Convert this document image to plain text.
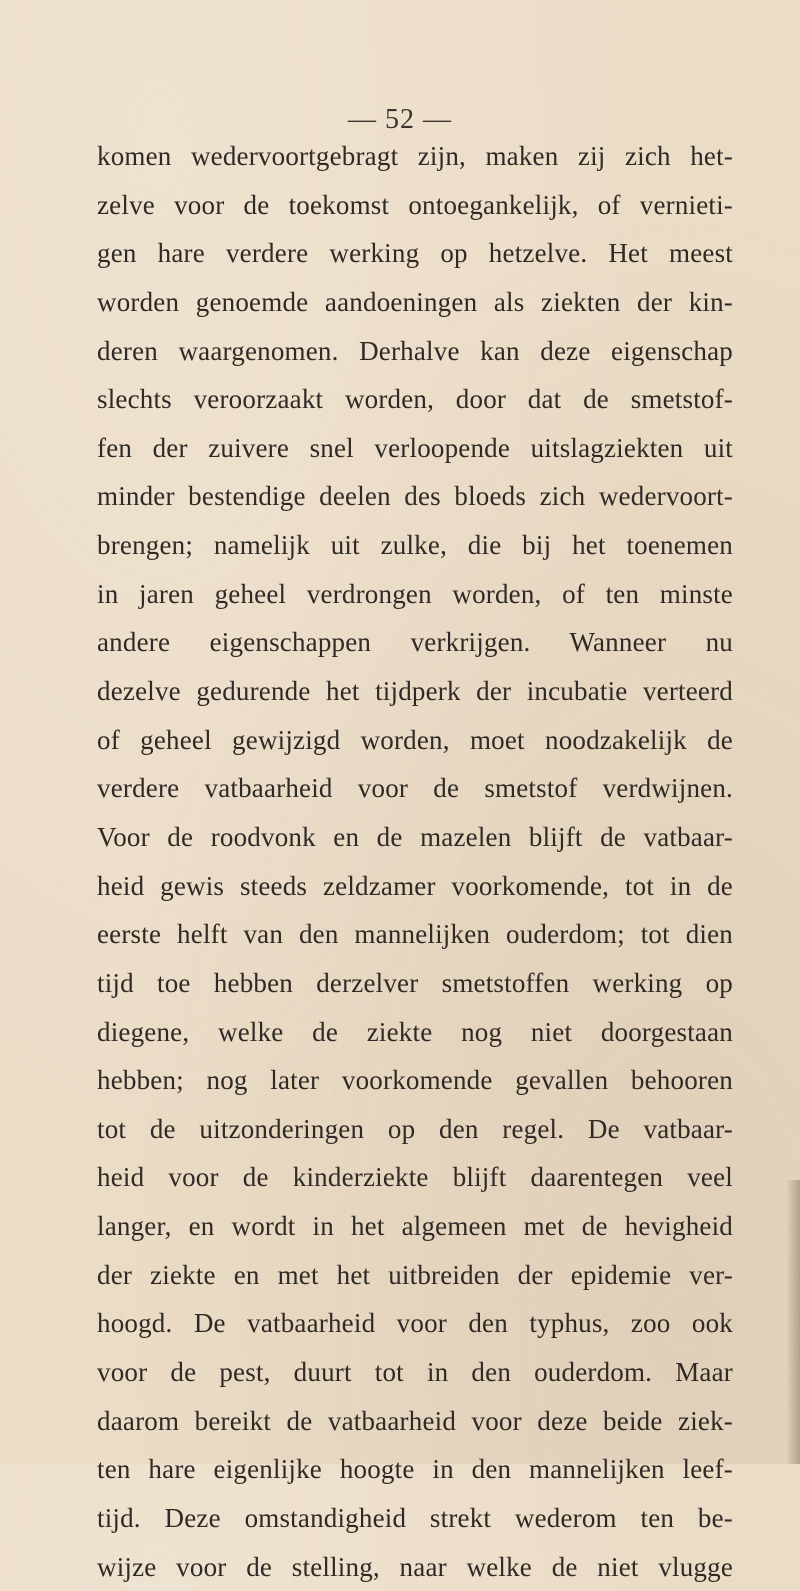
— 52 —
komen wedervoortgebragt zijn, maken zij zich het-
zelve voor de toekomst ontoegankelijk, of vernieti-
gen hare verdere werking op hetzelve. Het meest
worden genoemde aandoeningen als ziekten der kin-
deren waargenomen. Derhalve kan deze eigenschap
slechts veroorzaakt worden, door dat de smetstof-
fen der zuivere snel verloopende uitslagziekten uit
minder bestendige deelen des bloeds zich wedervoort-
brengen; namelijk uit zulke, die bij het toenemen
in jaren geheel verdrongen worden, of ten minste
andere eigenschappen verkrijgen. Wanneer nu
dezelve gedurende het tijdperk der incubatie verteerd
of geheel gewijzigd worden, moet noodzakelijk de
verdere vatbaarheid voor de smetstof verdwijnen.
Voor de roodvonk en de mazelen blijft de vatbaar-
heid gewis steeds zeldzamer voorkomende, tot in de
eerste helft van den mannelijken ouderdom; tot dien
tijd toe hebben derzelver smetstoffen werking op
diegene, welke de ziekte nog niet doorgestaan
hebben; nog later voorkomende gevallen behooren
tot de uitzonderingen op den regel. De vatbaar-
heid voor de kinderziekte blijft daarentegen veel
langer, en wordt in het algemeen met de hevigheid
der ziekte en met het uitbreiden der epidemie ver-
hoogd. De vatbaarheid voor den typhus, zoo ook
voor de pest, duurt tot in den ouderdom. Maar
daarom bereikt de vatbaarheid voor deze beide ziek-
ten hare eigenlijke hoogte in den mannelijken leef-
tijd. Deze omstandigheid strekt wederom ten be-
wijze voor de stelling, naar welke de niet vlugge
